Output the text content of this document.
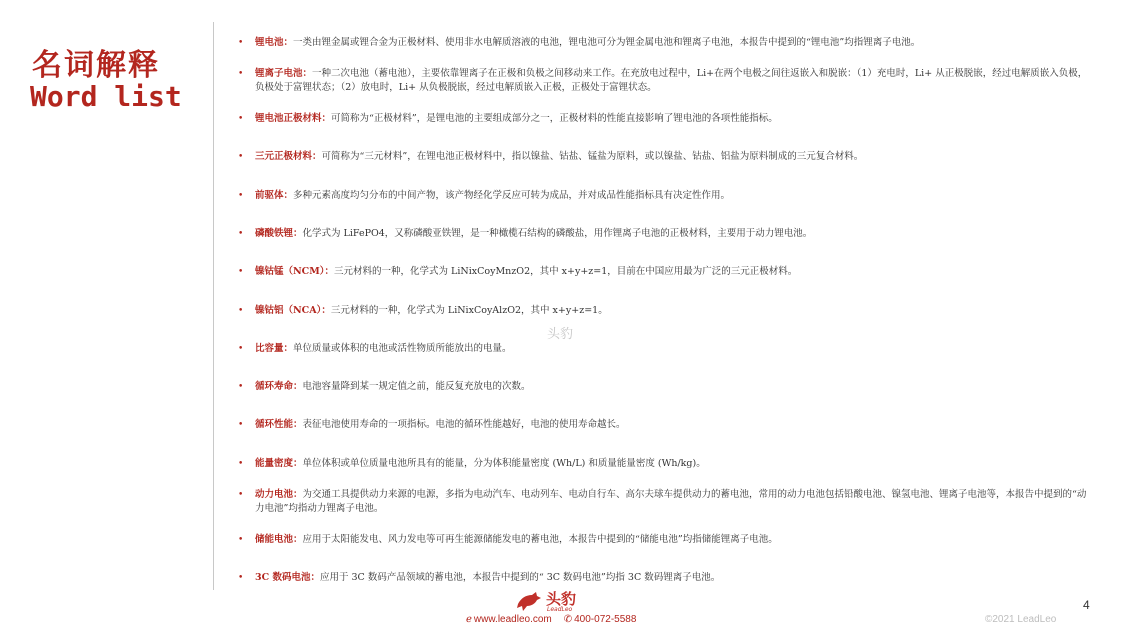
名词解释
Word list
• 锂电池：一类由锂金属或锂合金为正极材料、使用非水电解质溶液的电池，锂电池可分为锂金属电池和锂离子电池，本报告中提到的“锂电池”均指锂离子电池。
• 锂离子电池：一种二次电池（蓄电池），主要依靠锂离子在正极和负极之间移动来工作。在充放电过程中，Li+在两个电极之间往返嵌入和脱嵌：（1）充电时，Li+ 从正极脱嵌，经过电解质嵌入负极，负极处于富锂状态；（2）放电时，Li+ 从负极脱嵌，经过电解质嵌入正极，正极处于富锂状态。
• 锂电池正极材料：可简称为“正极材料”，是锂电池的主要组成部分之一，正极材料的性能直接影响了锂电池的各项性能指标。
• 三元正极材料：可简称为“三元材料”，在锂电池正极材料中，指以镍盐、钴盐、锰盐为原料，或以镍盐、钴盐、铝盐为原料制成的三元复合材料。
• 前驱体：多种元素高度均匀分布的中间产物，该产物经化学反应可转为成品，并对成品性能指标具有决定性作用。
• 磷酸铁锂：化学式为 LiFePO4，又称磷酸亚铁锂，是一种橄榄石结构的磷酸盐，用作锂离子电池的正极材料，主要用于动力锂电池。
• 镍钴锰（NCM）：三元材料的一种，化学式为 LiNixCoyMnzO2，其中 x+y+z=1，目前在中国应用最为广泛的三元正极材料。
• 镍钴铝（NCA）：三元材料的一种，化学式为 LiNixCoyAlzO2，其中 x+y+z=1。
• 比容量：单位质量或体积的电池或活性物质所能放出的电量。
• 循环寿命：电池容量降到某一规定值之前，能反复充放电的次数。
• 循环性能：表征电池使用寿命的一项指标。电池的循环性能越好，电池的使用寿命越长。
• 能量密度：单位体积或单位质量电池所具有的能量，分为体积能量密度 (Wh/L) 和质量能量密度 (Wh/kg)。
• 动力电池：为交通工具提供动力来源的电源，多指为电动汽车、电动列车、电动自行车、高尔夫球车提供动力的蓄电池，常用的动力电池包括铅酸电池、镍氢电池、锂离子电池等，本报告中提到的“动力电池”均指动力锂离子电池。
• 储能电池：应用于太阳能发电、风力发电等可再生能源储能发电的蓄电池，本报告中提到的“储能电池”均指储能锂离子电池。
• 3C 数码电池：应用于 3C 数码产品领域的蓄电池，本报告中提到的“ 3C 数码电池”均指 3C 数码锂离子电池。
头豹
头豹
LeadLeo
ℯ www.leadleo.com ✆ 400-072-5588
4
©2021 LeadLeo
